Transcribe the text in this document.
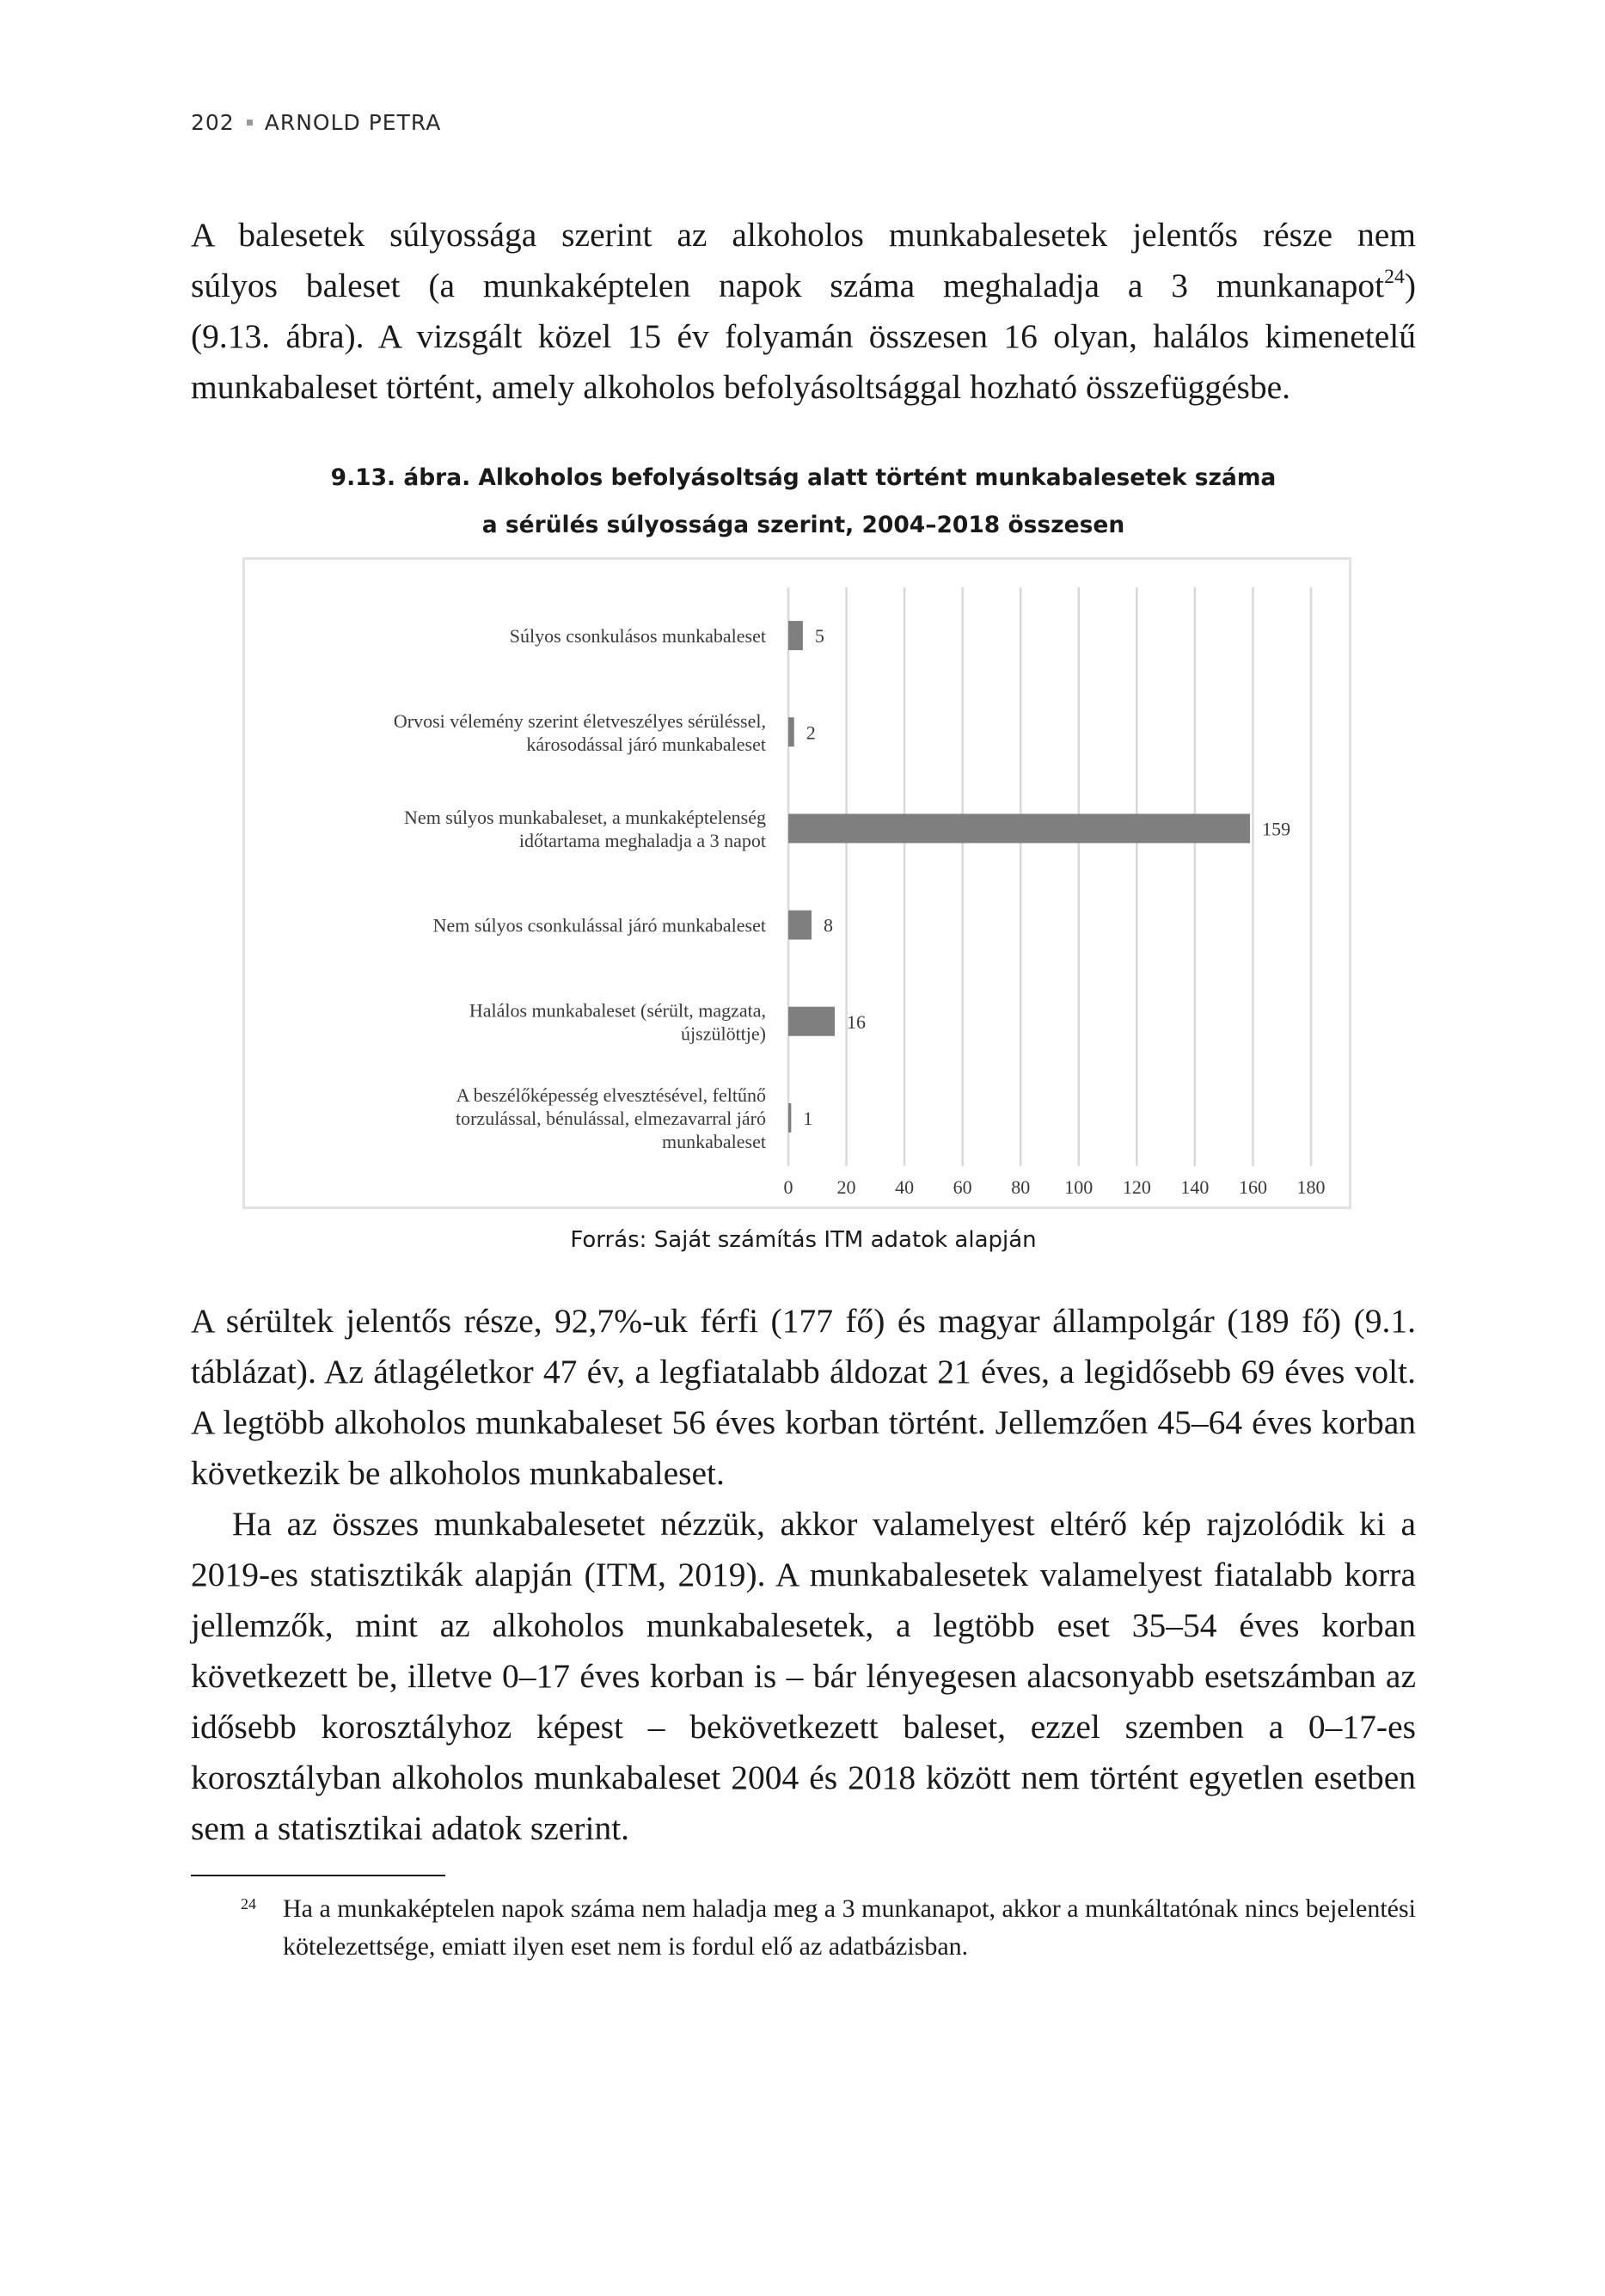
202 ARNOLD PETRA

A balesetek súlyossága szerint az alkoholos munkabalesetek jelentős része nem
súlyos baleset (a munkaképtelen napok száma meghaladja a 3 munkanapot$^{24}$)
(9.13. ábra). A vizsgált közel 15 év folyamán összesen 16 olyan, halálos kimenetelű munkabaleset történt, amely alkoholos befolyásoltsággal hozható összefüggésbe.

9.13. ábra. Alkoholos befolyásoltság alatt történt munkabalesetek száma
a sérülés súlyossága szerint, 2004–2018 összesen
0 20 40 60 80 100 120 140 160 180
5
Súlyos csonkulásos munkabaleset
2
Orvosi vélemény szerint életveszélyes sérüléssel, károsodással járó munkabaleset
159
Nem súlyos munkabaleset, a munkaképtelenség időtartama meghaladja a 3 napot
8
Nem súlyos csonkulással járó munkabaleset
16
Halálos munkabaleset (sérült, magzata, újszülöttje)
1
A beszélőképesség elvesztésével, feltűnő torzulással, bénulással, elmezavarral járó munkabaleset
Forrás: Saját számítás ITM adatok alapján

A sérültek jelentős része, 92,7%-uk férfi (177 fő) és magyar állampolgár (189 fő) (9.1. táblázat). Az átlagéletkor 47 év, a legfiatalabb áldozat 21 éves, a legidősebb 69 éves volt. A legtöbb alkoholos munkabaleset 56 éves korban történt. Jellemzően 45–64 éves korban következik be alkoholos munkabaleset.

Ha az összes munkabalesetet nézzük, akkor valamelyest eltérő kép rajzolódik ki a 2019-es statisztikák alapján (ITM, 2019). A munkabalesetek valamelyest fiatalabb korra jellemzők, mint az alkoholos munkabalesetek, a legtöbb eset 35–54 éves korban következett be, illetve 0–17 éves korban is – bár lényegesen alacsonyabb esetszámban az idősebb korosztályhoz képest – bekövetkezett baleset, ezzel szemben a 0–17-es korosztályban alkoholos munkabaleset 2004 és 2018 között nem történt egyetlen esetben sem a statisztikai adatok szerint.

24 Ha a munkaképtelen napok száma nem haladja meg a 3 munkanapot, akkor a munkáltatónak nincs bejelentési kötelezettsége, emiatt ilyen eset nem is fordul elő az adatbázisban.
